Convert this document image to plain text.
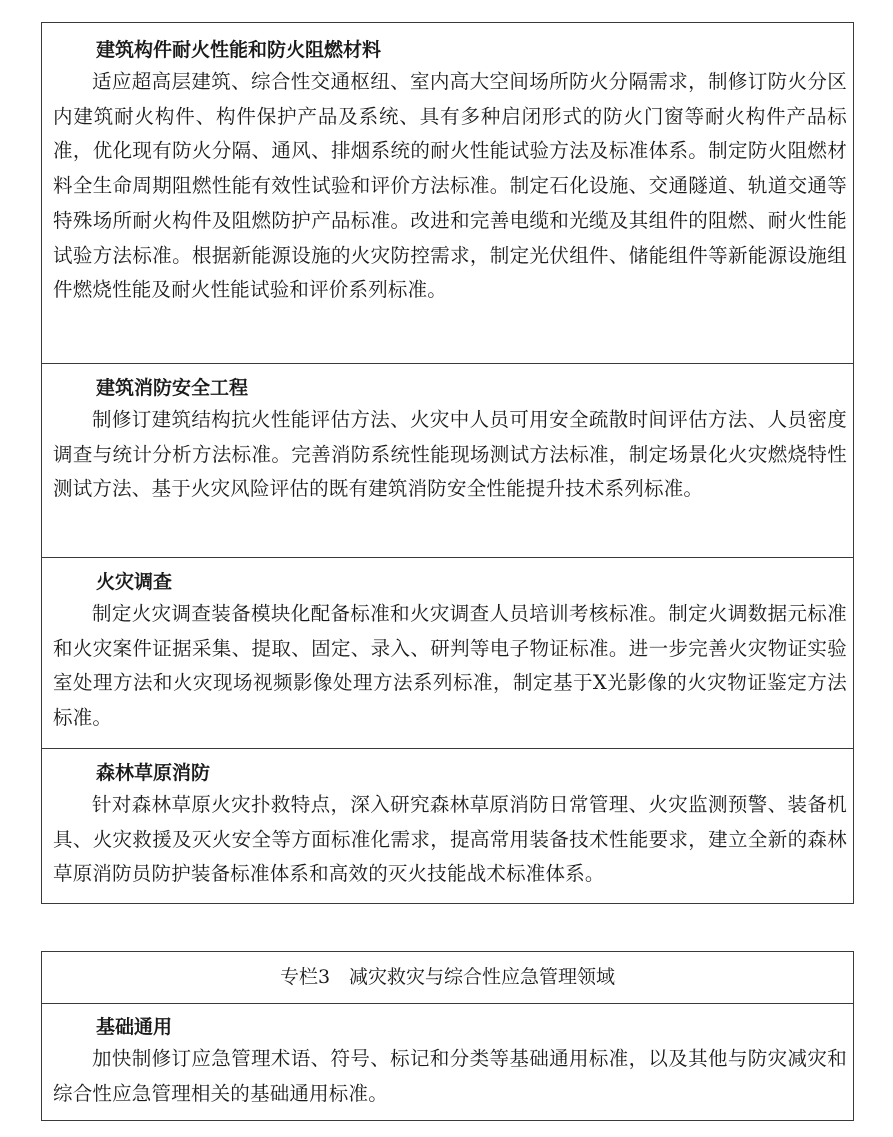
建筑构件耐火性能和防火阻燃材料
适应超高层建筑、综合性交通枢纽、室内高大空间场所防火分隔需求，制修订防火分区内建筑耐火构件、构件保护产品及系统、具有多种启闭形式的防火门窗等耐火构件产品标准，优化现有防火分隔、通风、排烟系统的耐火性能试验方法及标准体系。制定防火阻燃材料全生命周期阻燃性能有效性试验和评价方法标准。制定石化设施、交通隧道、轨道交通等特殊场所耐火构件及阻燃防护产品标准。改进和完善电缆和光缆及其组件的阻燃、耐火性能试验方法标准。根据新能源设施的火灾防控需求，制定光伏组件、储能组件等新能源设施组件燃烧性能及耐火性能试验和评价系列标准。
建筑消防安全工程
制修订建筑结构抗火性能评估方法、火灾中人员可用安全疏散时间评估方法、人员密度调查与统计分析方法标准。完善消防系统性能现场测试方法标准，制定场景化火灾燃烧特性测试方法、基于火灾风险评估的既有建筑消防安全性能提升技术系列标准。
火灾调查
制定火灾调查装备模块化配备标准和火灾调查人员培训考核标准。制定火调数据元标准和火灾案件证据采集、提取、固定、录入、研判等电子物证标准。进一步完善火灾物证实验室处理方法和火灾现场视频影像处理方法系列标准，制定基于X光影像的火灾物证鉴定方法标准。
森林草原消防
针对森林草原火灾扑救特点，深入研究森林草原消防日常管理、火灾监测预警、装备机具、火灾救援及灭火安全等方面标准化需求，提高常用装备技术性能要求，建立全新的森林草原消防员防护装备标准体系和高效的灭火技能战术标准体系。
专栏3　减灾救灾与综合性应急管理领域
基础通用
加快制修订应急管理术语、符号、标记和分类等基础通用标准，以及其他与防灾减灾和综合性应急管理相关的基础通用标准。
